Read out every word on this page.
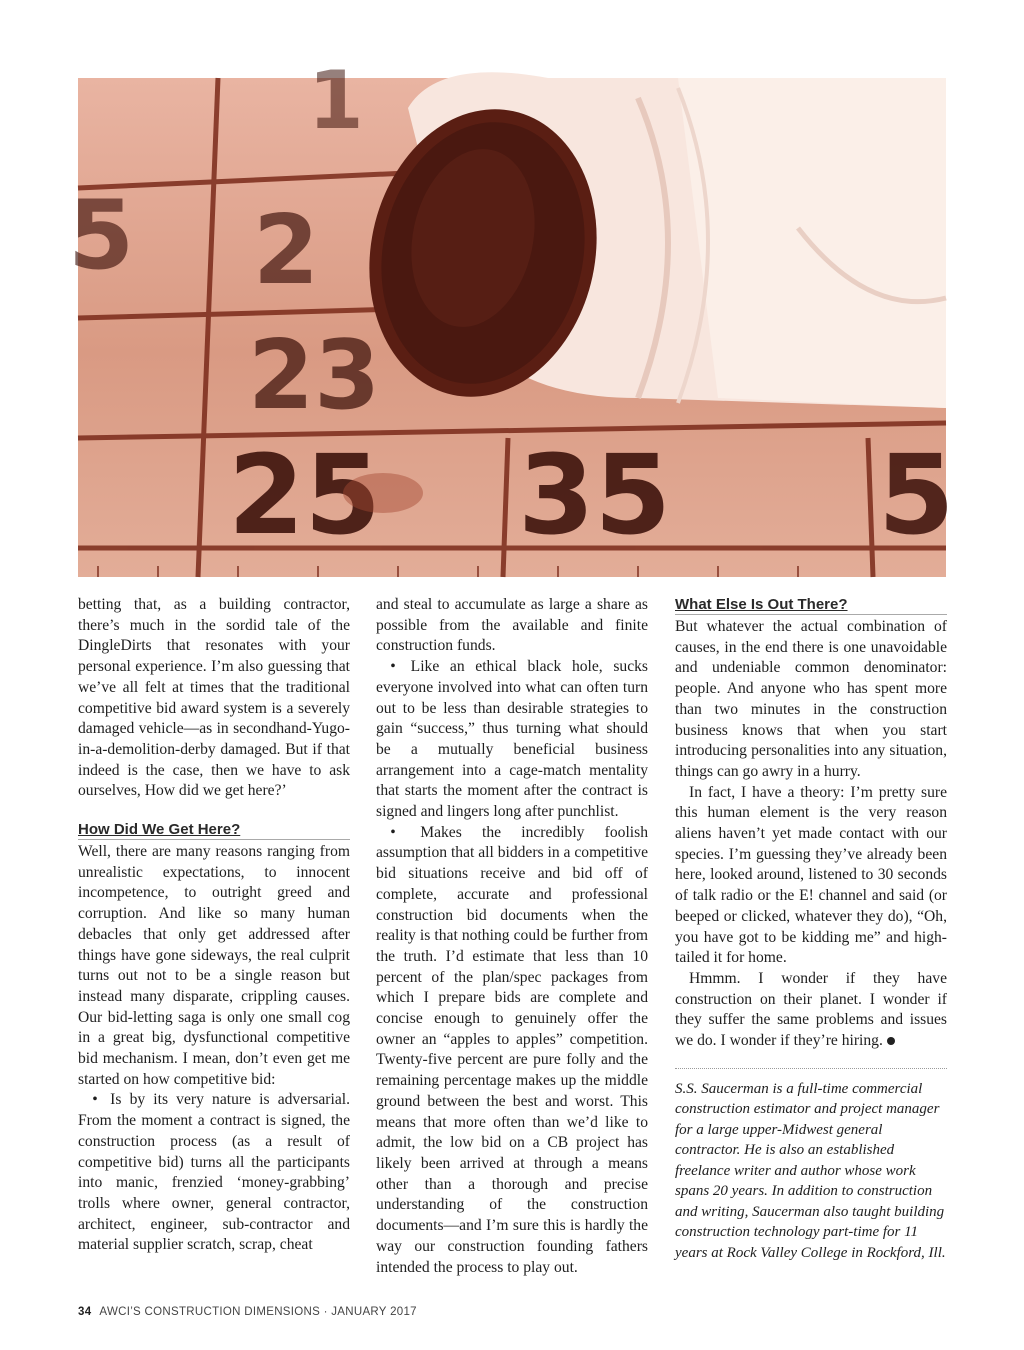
25 35
23
2
5
1
5

betting that, as a building contractor, there’s much in the sordid tale of the DingleDirts that resonates with your personal experience. I’m also guessing that we’ve all felt at times that the traditional competitive bid award system is a severely damaged vehicle—as in secondhand-Yugo-in-a-demolition-derby damaged. But if that indeed is the case, then we have to ask ourselves, How did we get here?’

How Did We Get Here?

Well, there are many reasons ranging from unrealistic expectations, to innocent incompetence, to outright greed and corruption. And like so many human debacles that only get addressed after things have gone sideways, the real culprit turns out not to be a single reason but instead many disparate, crippling causes. Our bid-letting saga is only one small cog in a great big, dysfunctional competitive bid mechanism. I mean, don’t even get me started on how competitive bid:

• Is by its very nature is adversarial. From the moment a contract is signed, the construction process (as a result of competitive bid) turns all the participants into manic, frenzied ‘money-grabbing’ trolls where owner, general contractor, architect, engineer, sub-contractor and material supplier scratch, scrap, cheat

and steal to accumulate as large a share as possible from the available and finite construction funds.

• Like an ethical black hole, sucks everyone involved into what can often turn out to be less than desirable strategies to gain “success,” thus turning what should be a mutually beneficial business arrangement into a cage-match mentality that starts the moment after the contract is signed and lingers long after punchlist.

• Makes the incredibly foolish assumption that all bidders in a competitive bid situations receive and bid off of complete, accurate and professional construction bid documents when the reality is that nothing could be further from the truth. I’d estimate that less than 10 percent of the plan/spec packages from which I prepare bids are complete and concise enough to genuinely offer the owner an “apples to apples” competition. Twenty-five percent are pure folly and the remaining percentage makes up the middle ground between the best and worst. This means that more often than we’d like to admit, the low bid on a CB project has likely been arrived at through a means other than a thorough and precise understanding of the construction documents—and I’m sure this is hardly the way our construction founding fathers intended the process to play out.

What Else Is Out There?

But whatever the actual combination of causes, in the end there is one unavoidable and undeniable common denominator: people. And anyone who has spent more than two minutes in the construction business knows that when you start introducing personalities into any situation, things can go awry in a hurry.

In fact, I have a theory: I’m pretty sure this human element is the very reason aliens haven’t yet made contact with our species. I’m guessing they’ve already been here, looked around, listened to 30 seconds of talk radio or the E! channel and said (or beeped or clicked, whatever they do), “Oh, you have got to be kidding me” and high-tailed it for home.

Hmmm. I wonder if they have construction on their planet. I wonder if they suffer the same problems and issues we do. I wonder if they’re hiring.

S.S. Saucerman is a full-time commercial construction estimator and project manager for a large upper-Midwest general contractor. He is also an established freelance writer and author whose work spans 20 years. In addition to construction and writing, Saucerman also taught building construction technology part-time for 11 years at Rock Valley College in Rockford, Ill.

34 AWCI’S CONSTRUCTION DIMENSIONS · JANUARY 2017
